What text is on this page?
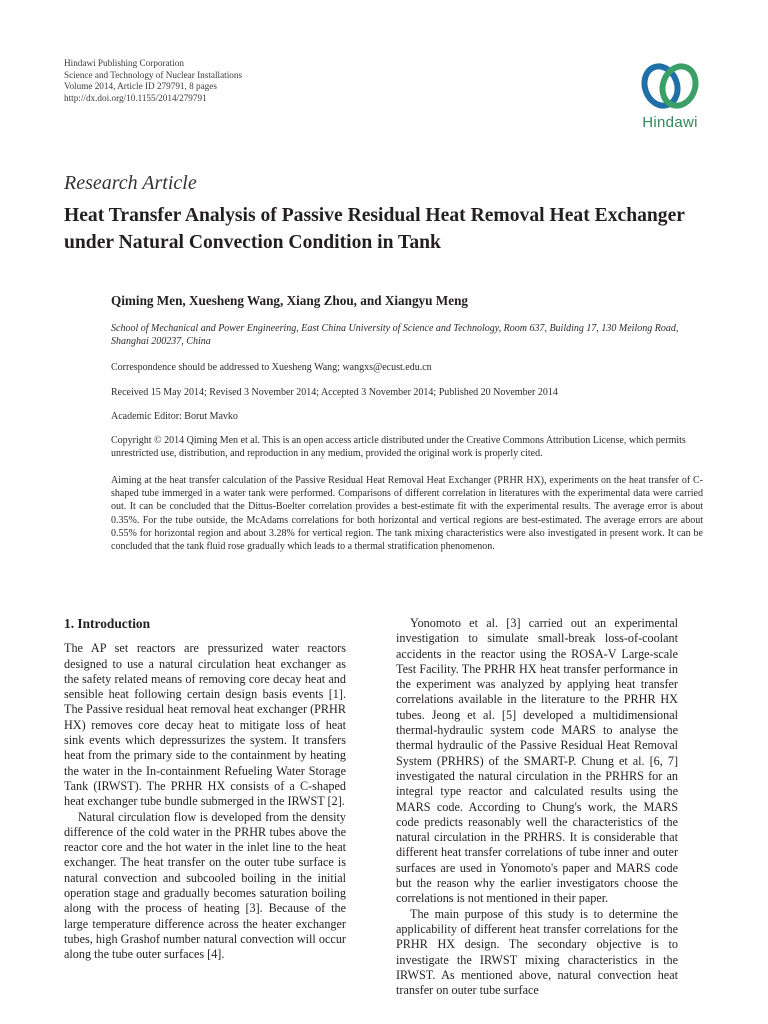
Hindawi Publishing Corporation
Science and Technology of Nuclear Installations
Volume 2014, Article ID 279791, 8 pages
http://dx.doi.org/10.1155/2014/279791
Hindawi
Research Article
Heat Transfer Analysis of Passive Residual Heat Removal Heat Exchanger under Natural Convection Condition in Tank
Qiming Men, Xuesheng Wang, Xiang Zhou, and Xiangyu Meng
School of Mechanical and Power Engineering, East China University of Science and Technology, Room 637, Building 17, 130 Meilong Road, Shanghai 200237, China
Correspondence should be addressed to Xuesheng Wang; wangxs@ecust.edu.cn
Received 15 May 2014; Revised 3 November 2014; Accepted 3 November 2014; Published 20 November 2014
Academic Editor: Borut Mavko
Copyright © 2014 Qiming Men et al. This is an open access article distributed under the Creative Commons Attribution License, which permits unrestricted use, distribution, and reproduction in any medium, provided the original work is properly cited.
Aiming at the heat transfer calculation of the Passive Residual Heat Removal Heat Exchanger (PRHR HX), experiments on the heat transfer of C-shaped tube immerged in a water tank were performed. Comparisons of different correlation in literatures with the experimental data were carried out. It can be concluded that the Dittus-Boelter correlation provides a best-estimate fit with the experimental results. The average error is about 0.35%. For the tube outside, the McAdams correlations for both horizontal and vertical regions are best-estimated. The average errors are about 0.55% for horizontal region and about 3.28% for vertical region. The tank mixing characteristics were also investigated in present work. It can be concluded that the tank fluid rose gradually which leads to a thermal stratification phenomenon.
1. Introduction

The AP set reactors are pressurized water reactors designed to use a natural circulation heat exchanger as the safety related means of removing core decay heat and sensible heat following certain design basis events [1]. The Passive residual heat removal heat exchanger (PRHR HX) removes core decay heat to mitigate loss of heat sink events which depressurizes the system. It transfers heat from the primary side to the containment by heating the water in the In-containment Refueling Water Storage Tank (IRWST). The PRHR HX consists of a C-shaped heat exchanger tube bundle submerged in the IRWST [2].

Natural circulation flow is developed from the density difference of the cold water in the PRHR tubes above the reactor core and the hot water in the inlet line to the heat exchanger. The heat transfer on the outer tube surface is natural convection and subcooled boiling in the initial operation stage and gradually becomes saturation boiling along with the process of heating [3]. Because of the large temperature difference across the heater exchanger tubes, high Grashof number natural convection will occur along the tube outer surfaces [4].

Yonomoto et al. [3] carried out an experimental investigation to simulate small-break loss-of-coolant accidents in the reactor using the ROSA-V Large-scale Test Facility. The PRHR HX heat transfer performance in the experiment was analyzed by applying heat transfer correlations available in the literature to the PRHR HX tubes. Jeong et al. [5] developed a multidimensional thermal-hydraulic system code MARS to analyse the thermal hydraulic of the Passive Residual Heat Removal System (PRHRS) of the SMART-P. Chung et al. [6, 7] investigated the natural circulation in the PRHRS for an integral type reactor and calculated results using the MARS code. According to Chung's work, the MARS code predicts reasonably well the characteristics of the natural circulation in the PRHRS. It is considerable that different heat transfer correlations of tube inner and outer surfaces are used in Yonomoto's paper and MARS code but the reason why the earlier investigators choose the correlations is not mentioned in their paper.

The main purpose of this study is to determine the applicability of different heat transfer correlations for the PRHR HX design. The secondary objective is to investigate the IRWST mixing characteristics in the IRWST. As mentioned above, natural convection heat transfer on outer tube surface
